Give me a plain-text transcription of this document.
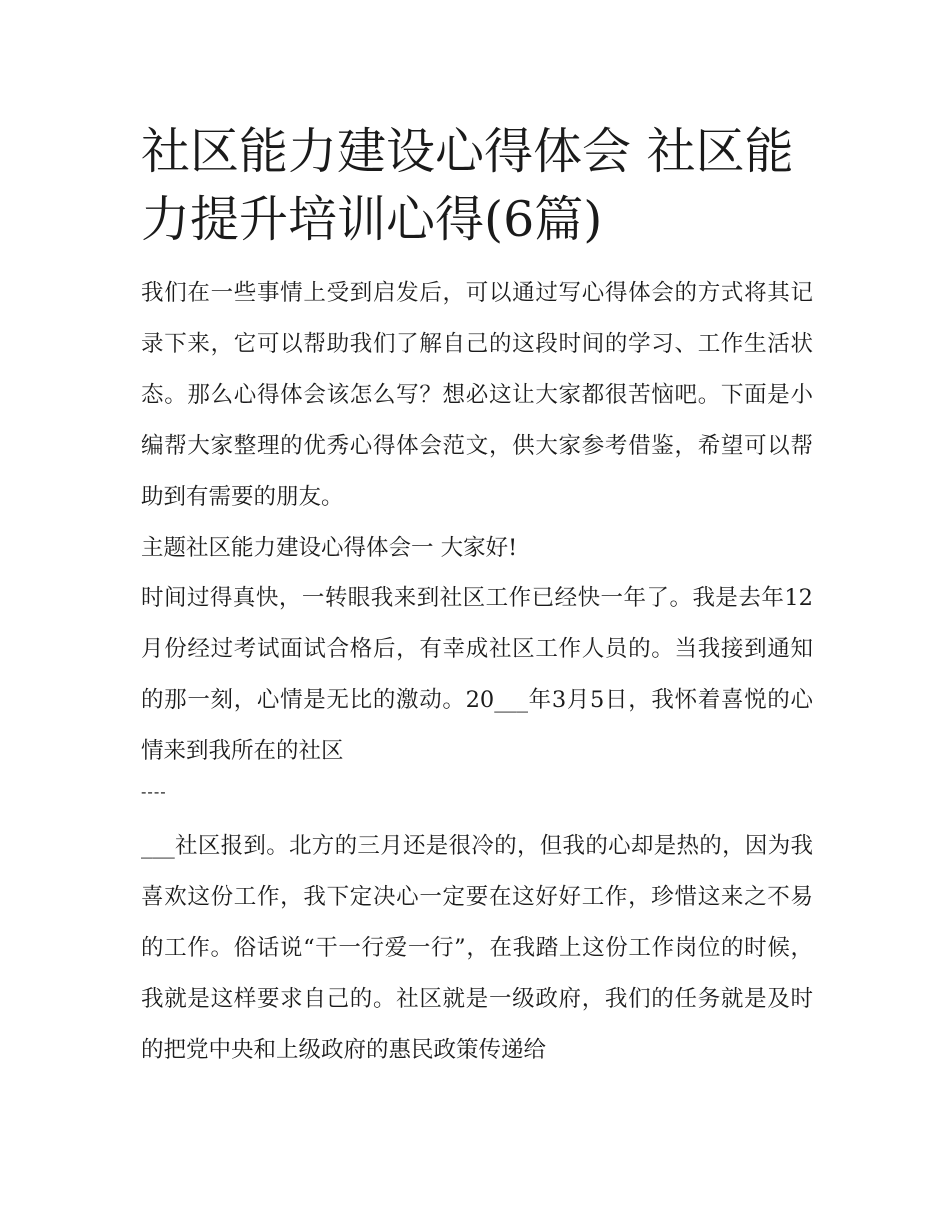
社区能力建设心得体会 社区能力提升培训心得(6篇)

我们在一些事情上受到启发后，可以通过写心得体会的方式将其记录下来，它可以帮助我们了解自己的这段时间的学习、工作生活状态。那么心得体会该怎么写？想必这让大家都很苦恼吧。下面是小编帮大家整理的优秀心得体会范文，供大家参考借鉴，希望可以帮助到有需要的朋友。

主题社区能力建设心得体会一 大家好!

时间过得真快，一转眼我来到社区工作已经快一年了。我是去年12月份经过考试面试合格后，有幸成社区工作人员的。当我接到通知的那一刻，心情是无比的激动。20___年3月5日，我怀着喜悦的心情来到我所在的社区

----

___社区报到。北方的三月还是很冷的，但我的心却是热的，因为我喜欢这份工作，我下定决心一定要在这好好工作，珍惜这来之不易的工作。俗话说“干一行爱一行”，在我踏上这份工作岗位的时候，我就是这样要求自己的。社区就是一级政府，我们的任务就是及时的把党中央和上级政府的惠民政策传递给
